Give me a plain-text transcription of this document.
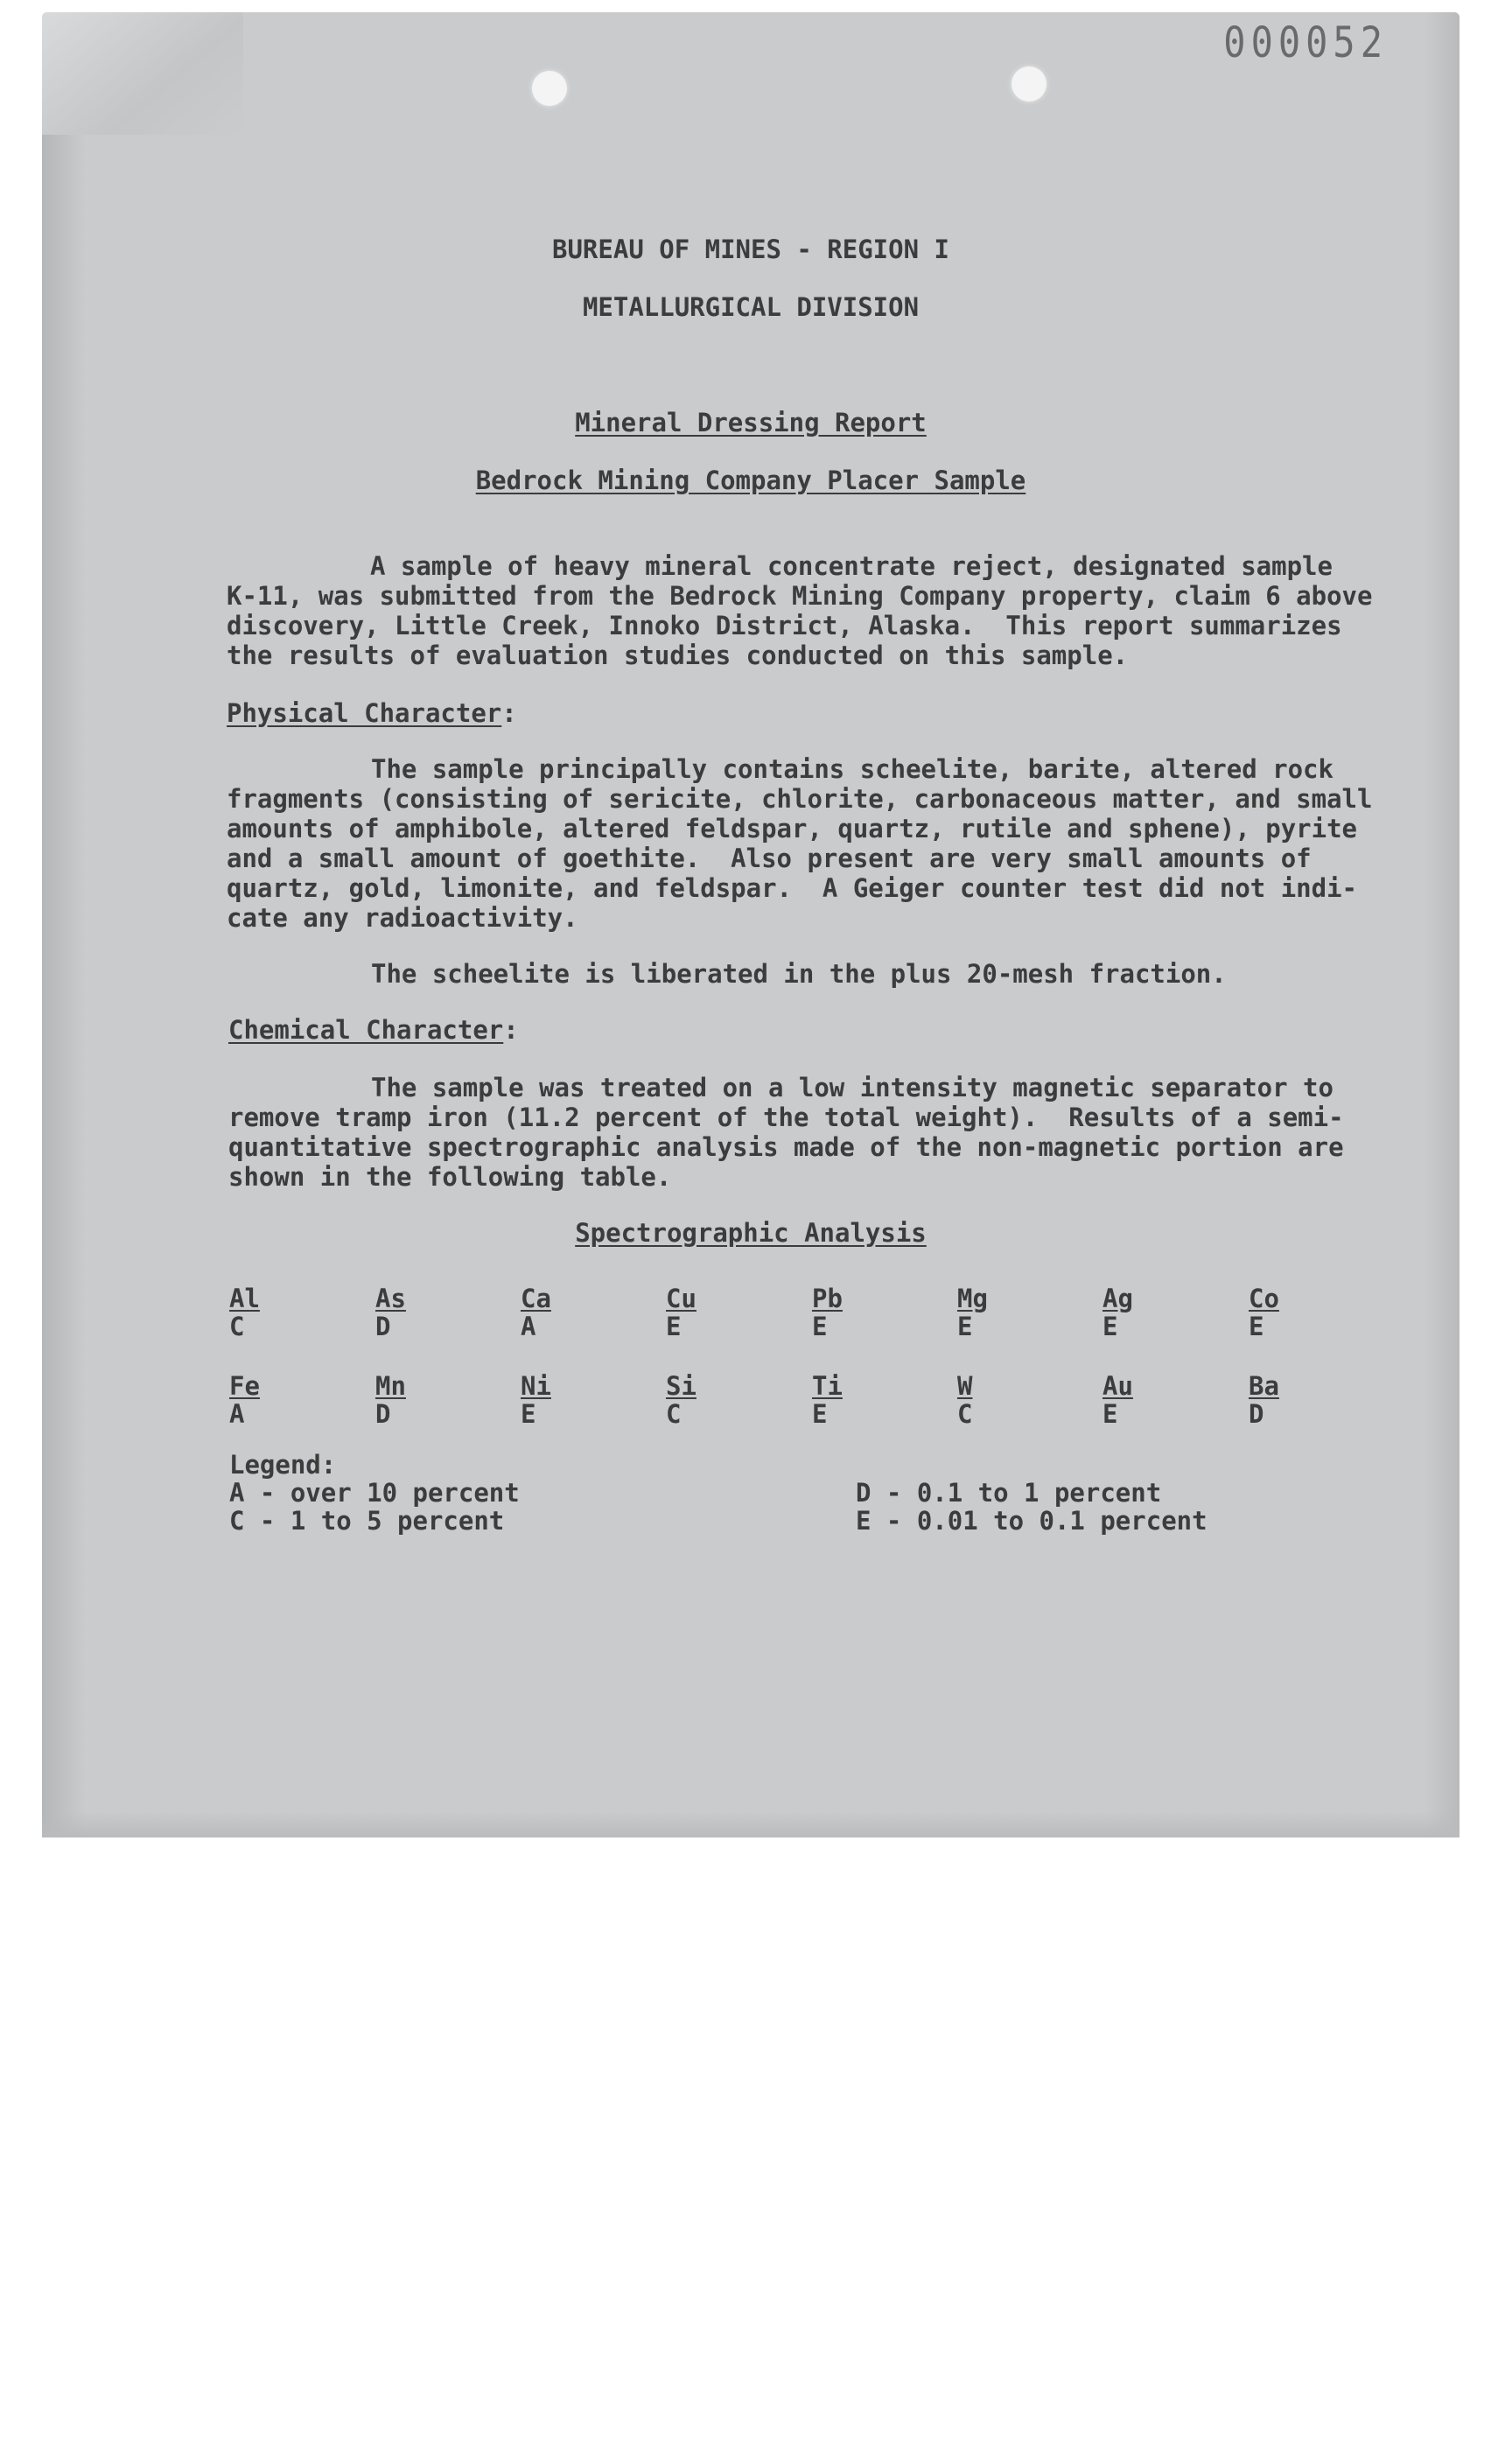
000052
BUREAU OF MINES - REGION I
METALLURGICAL DIVISION
Mineral Dressing Report
Bedrock Mining Company Placer Sample
A sample of heavy mineral concentrate reject, designated sample
K-11, was submitted from the Bedrock Mining Company property, claim 6 above
discovery, Little Creek, Innoko District, Alaska.  This report summarizes
the results of evaluation studies conducted on this sample.
Physical Character:
The sample principally contains scheelite, barite, altered rock
fragments (consisting of sericite, chlorite, carbonaceous matter, and small
amounts of amphibole, altered feldspar, quartz, rutile and sphene), pyrite
and a small amount of goethite.  Also present are very small amounts of
quartz, gold, limonite, and feldspar.  A Geiger counter test did not indi-
cate any radioactivity.
The scheelite is liberated in the plus 20-mesh fraction.
Chemical Character:
The sample was treated on a low intensity magnetic separator to
remove tramp iron (11.2 percent of the total weight).  Results of a semi-
quantitative spectrographic analysis made of the non-magnetic portion are
shown in the following table.
Spectrographic Analysis
Al
C
As
D
Ca
A
Cu
E
Pb
E
Mg
E
Ag
E
Co
E
Fe
A
Mn
D
Ni
E
Si
C
Ti
E
W
C
Au
E
Ba
D
Legend:
A - over 10 percent
C - 1 to 5 percent
D - 0.1 to 1 percent
E - 0.01 to 0.1 percent
